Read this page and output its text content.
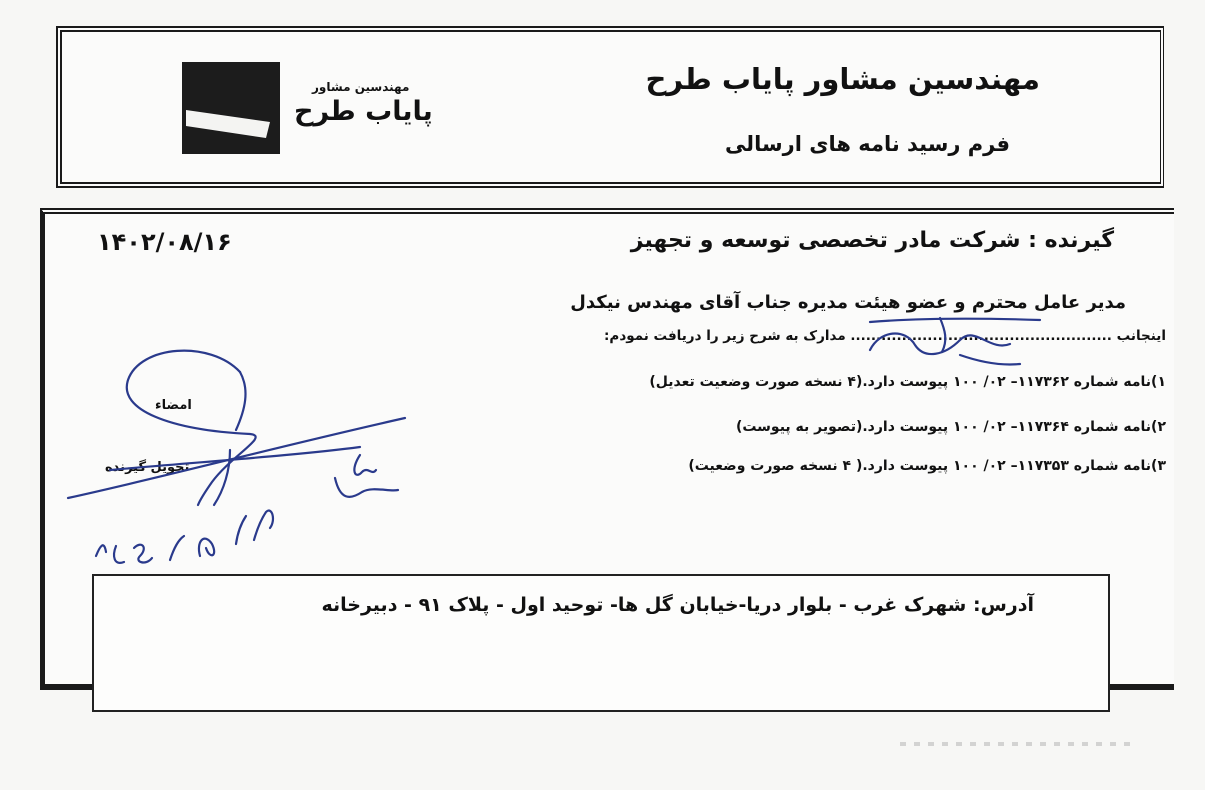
مهندسین مشاور پایاب طرح
فرم رسید نامه های ارسالی
مهندسین مشاور
پایاب طرح
گیرنده : شرکت مادر تخصصی توسعه و تجهیز
۱۴۰۲/۰۸/۱۶
مدیر عامل محترم و عضو هیئت مدیره جناب آقای مهندس نیکدل
اینجانب ................................................... مدارک به شرح زیر را دریافت نمودم:
۱)نامه شماره ۱۱۷۳۶۲– ۰۲/ ۱۰۰ پیوست دارد.(۴ نسخه صورت وضعیت تعدیل)
۲)نامه شماره ۱۱۷۳۶۴– ۰۲/ ۱۰۰ پیوست دارد.(تصویر به پیوست)
۳)نامه شماره ۱۱۷۳۵۳– ۰۲/ ۱۰۰ پیوست دارد.( ۴ نسخه صورت وضعیت)
امضاء
تحویل گیرنده
آدرس: شهرک غرب - بلوار دریا-خیابان گل ها- توحید اول - پلاک ۹۱ - دبیرخانه
